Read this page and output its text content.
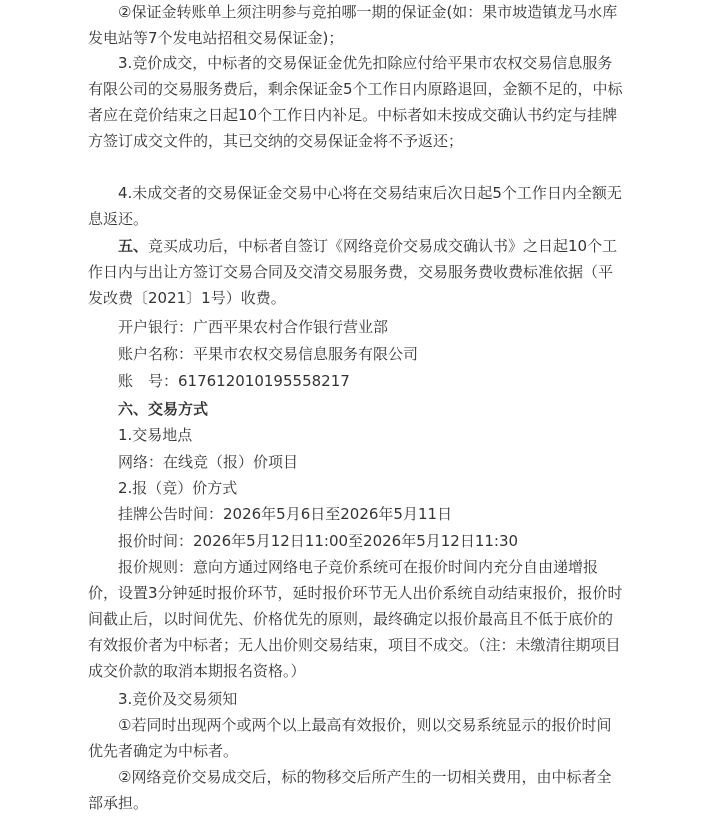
②保证金转账单上须注明参与竞拍哪一期的保证金(如：果市坡造镇龙马水库发电站等7个发电站招租交易保证金)；

3.竞价成交，中标者的交易保证金优先扣除应付给平果市农权交易信息服务有限公司的交易服务费后，剩余保证金5个工作日内原路退回，金额不足的，中标者应在竞价结束之日起10个工作日内补足。中标者如未按成交确认书约定与挂牌方签订成交文件的，其已交纳的交易保证金将不予返还；

4.未成交者的交易保证金交易中心将在交易结束后次日起5个工作日内全额无息返还。

五、竞买成功后，中标者自签订《网络竞价交易成交确认书》之日起10个工作日内与出让方签订交易合同及交清交易服务费，交易服务费收费标准依据（平发改费〔2021〕1号）收费。

开户银行：广西平果农村合作银行营业部

账户名称：平果市农权交易信息服务有限公司

账　号：617612010195558217

六、交易方式

1.交易地点

网络：在线竞（报）价项目

2.报（竞）价方式

挂牌公告时间：2026年5月6日至2026年5月11日

报价时间：2026年5月12日11:00至2026年5月12日11:30

报价规则：意向方通过网络电子竞价系统可在报价时间内充分自由递增报价，设置3分钟延时报价环节，延时报价环节无人出价系统自动结束报价，报价时间截止后，以时间优先、价格优先的原则，最终确定以报价最高且不低于底价的有效报价者为中标者；无人出价则交易结束，项目不成交。（注：未缴清往期项目成交价款的取消本期报名资格。）

3.竞价及交易须知

①若同时出现两个或两个以上最高有效报价，则以交易系统显示的报价时间优先者确定为中标者。

②网络竞价交易成交后，标的物移交后所产生的一切相关费用，由中标者全部承担。
